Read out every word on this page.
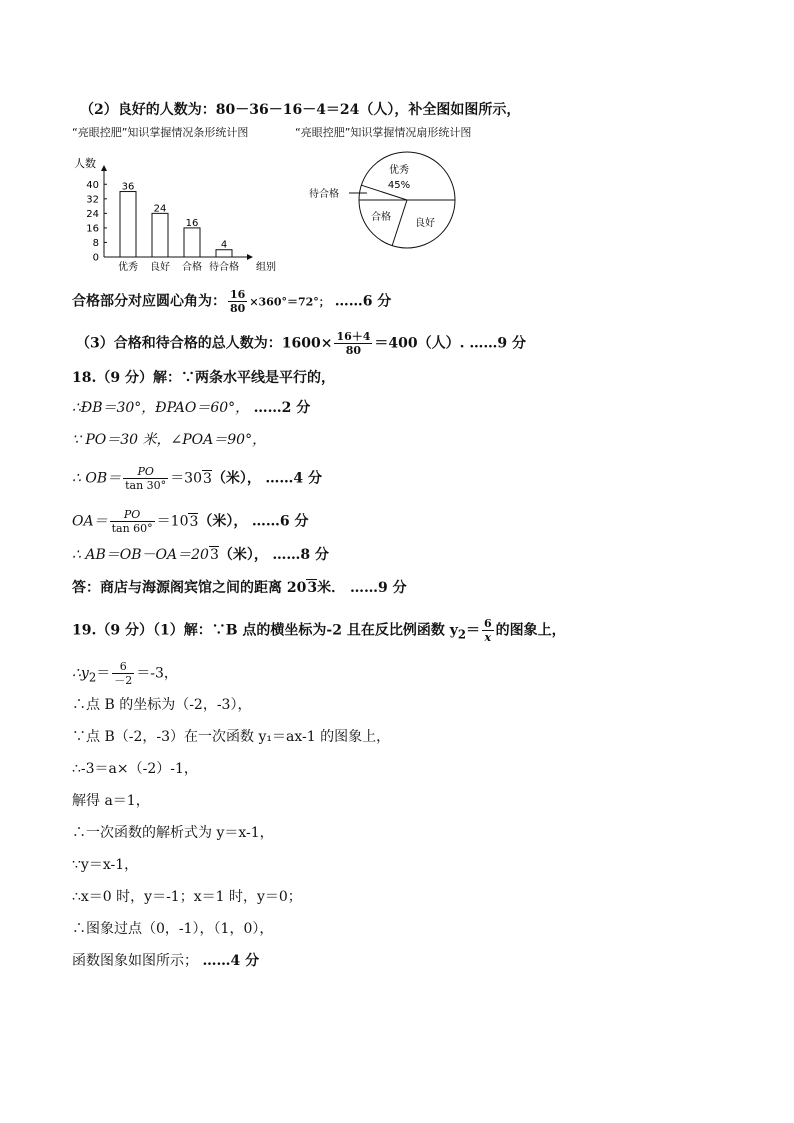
（2）良好的人数为：80－36－16－4＝24（人），补全图如图所示，
“亮眼控肥”知识掌握情况条形统计图	“亮眼控肥”知识掌握情况扇形统计图
人数
组别
0
8
16
24
32
40 36
优秀
24
良好
16
合格
4
待合格
优秀
45%
良好
合格
待合格
合格部分对应圆心角为： $\frac{16}{80} \times 360^\circ=72^\circ$； ……6 分
（3）合格和待合格的总人数为：$1600\times \frac{16+4}{80} =400$（人）. ……9 分
18.（9 分）解：∵两条水平线是平行的，
∴ÐB＝30°，ÐPAO＝60°， ……2 分
∵ PO＝30 米，∠POA＝90°，
∴ $OB= \frac{PO}{\tan 30^\circ} =303$（米）， ……4 分
$OA= \frac{PO}{\tan 60^\circ} =103$（米）， ……6 分
∴ AB＝OB－OA＝203（米）， ……8 分
答：商店与海源阁宾馆之间的距离 203米． ……9 分
19.（9 分）（1）解：∵B 点的横坐标为-2 且在反比例函数 $y_2= \frac{6}{x}$ 的图象上，
$\therefore y_2= \frac{6}{-2} =-3$，
∴点 B 的坐标为（-2，-3），
∵点 B（-2，-3）在一次函数 y₁＝ax-1 的图象上，
∴-3＝a×（-2）-1，
解得 a＝1，
∴一次函数的解析式为 y＝x-1，
∵y＝x-1，
∴x＝0 时，y＝-1；x＝1 时，y＝0；
∴图象过点（0，-1），（1，0），
函数图象如图所示； ……4 分
